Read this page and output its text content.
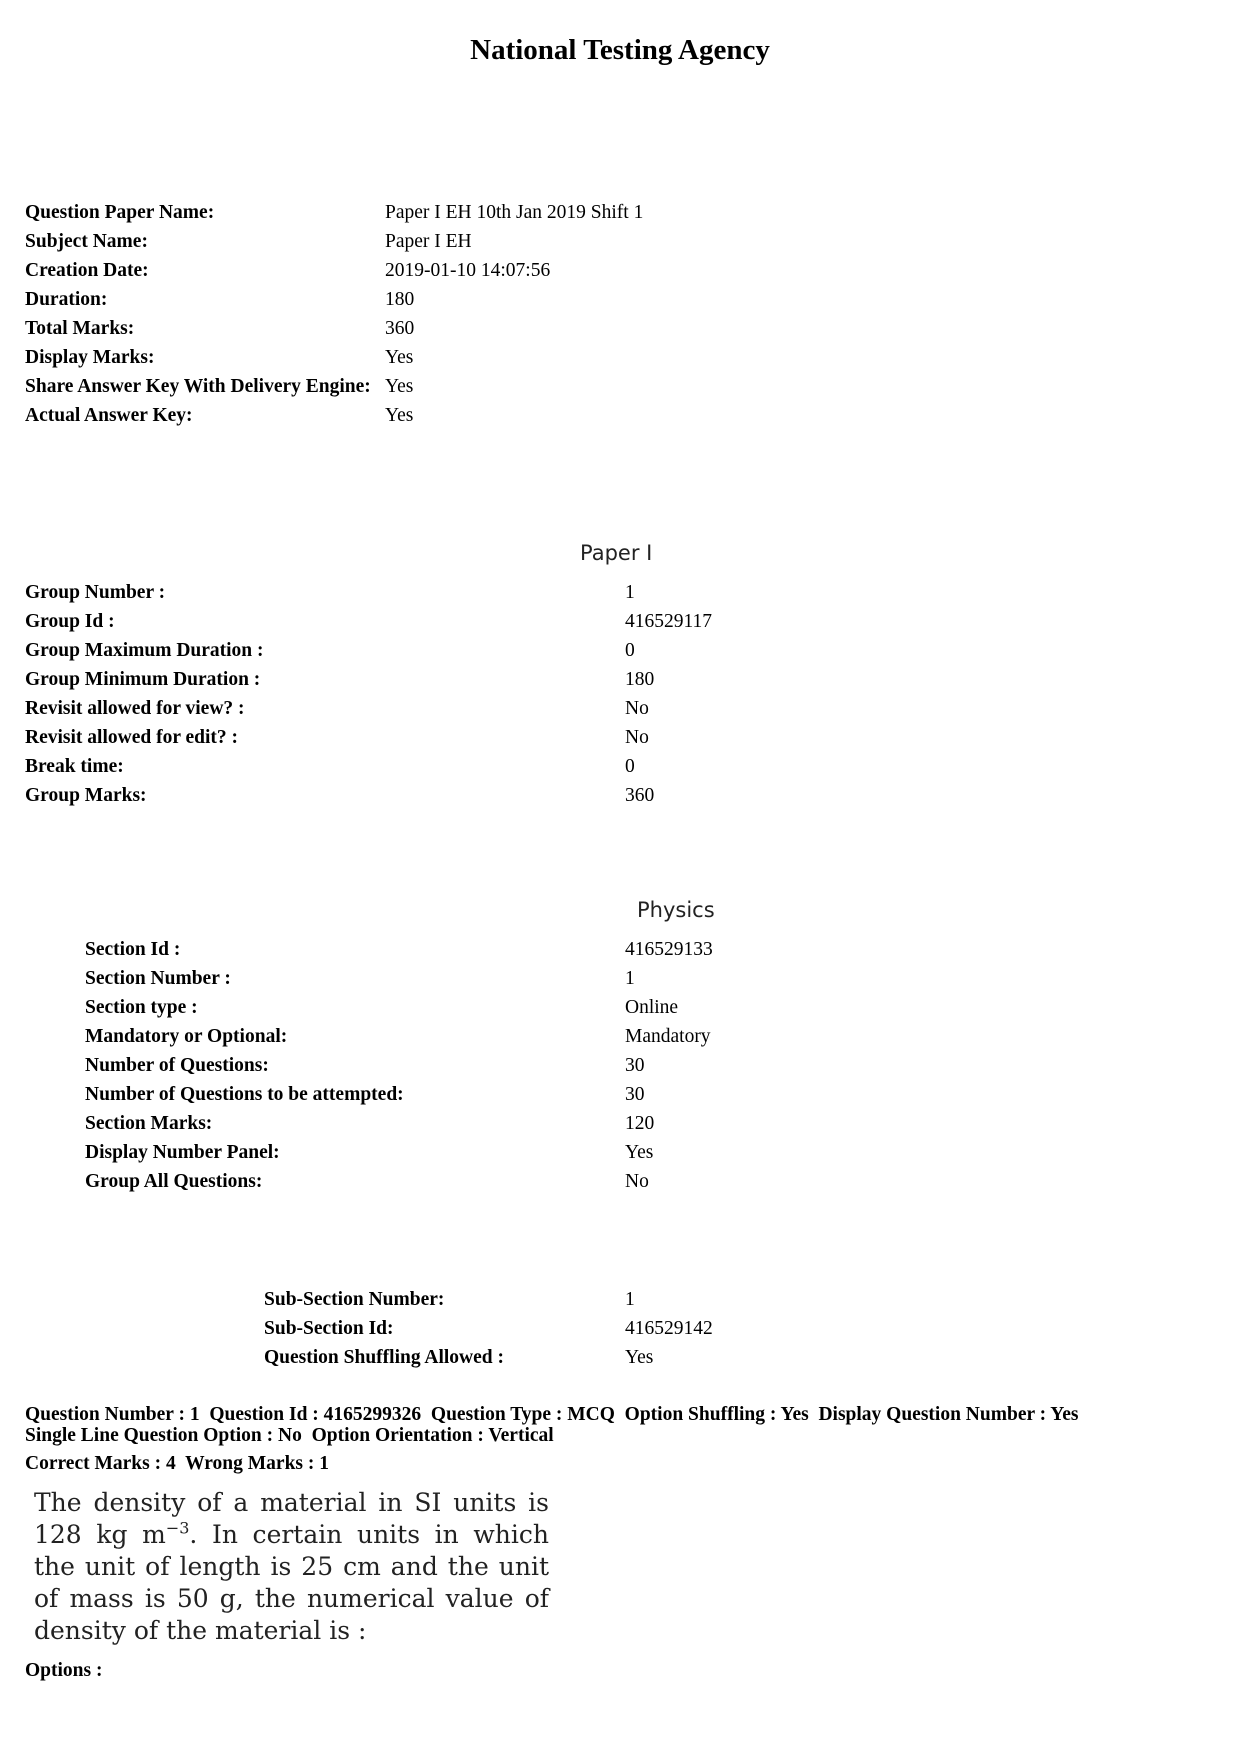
National Testing Agency
Question Paper Name:	Paper I EH 10th Jan 2019 Shift 1
Subject Name:	Paper I EH
Creation Date:	2019-01-10 14:07:56
Duration:	180
Total Marks:	360
Display Marks:	Yes
Share Answer Key With Delivery Engine: Yes
Actual Answer Key:	Yes
Paper I
Group Number :	1
Group Id :	416529117
Group Maximum Duration :	0
Group Minimum Duration :	180
Revisit allowed for view? :	No
Revisit allowed for edit? :	No
Break time:	0
Group Marks:	360
Physics
Section Id :	416529133
Section Number :	1
Section type :	Online
Mandatory or Optional:	Mandatory
Number of Questions:	30
Number of Questions to be attempted:	30
Section Marks:	120
Display Number Panel:	Yes
Group All Questions:	No
Sub-Section Number:	1
Sub-Section Id:	416529142
Question Shuffling Allowed :	Yes
Question Number : 1  Question Id : 4165299326  Question Type : MCQ  Option Shuffling : Yes  Display Question Number : Yes
Single Line Question Option : No  Option Orientation : Vertical
Correct Marks : 4  Wrong Marks : 1
The density of a material in SI units is 128 kg $m^{-3}$. In certain units in which the unit of length is 25 cm and the unit of mass is 50 g, the numerical value of density of the material is :
Options :
